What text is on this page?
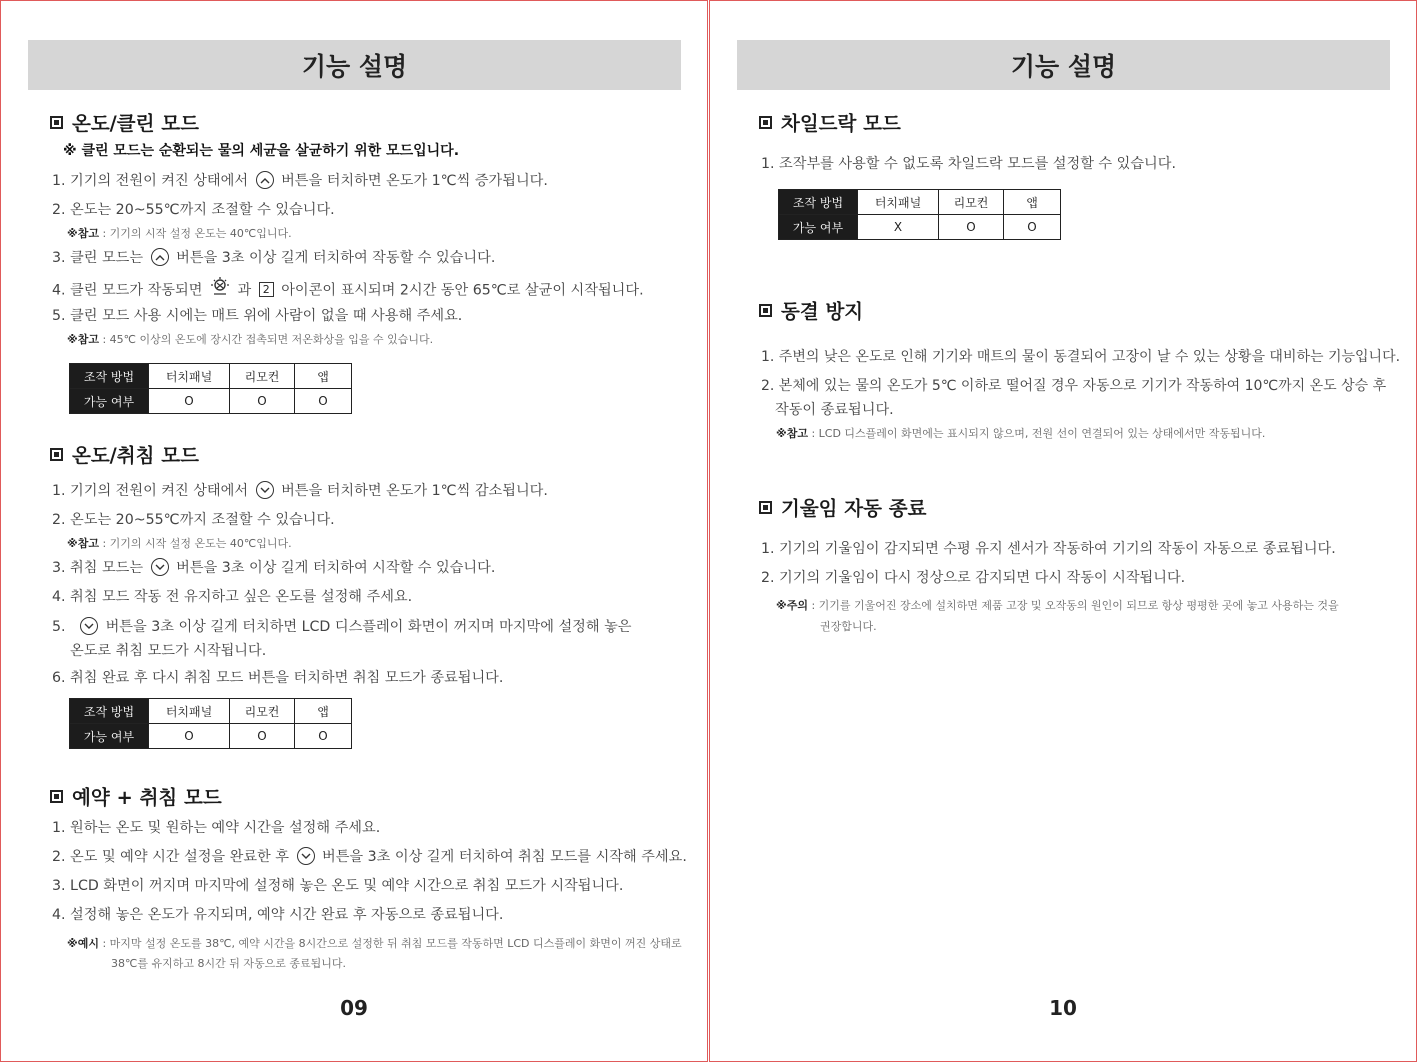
기능 설명
온도/클린 모드
※ 클린 모드는 순환되는 물의 세균을 살균하기 위한 모드입니다.
1. 기기의 전원이 켜진 상태에서 버튼을 터치하면 온도가 1℃씩 증가됩니다.
2. 온도는 20~55℃까지 조절할 수 있습니다.
※참고 : 기기의 시작 설정 온도는 40℃입니다.
3. 클린 모드는 버튼을 3초 이상 길게 터치하여 작동할 수 있습니다.
4. 클린 모드가 작동되면 과 2 아이콘이 표시되며 2시간 동안 65℃로 살균이 시작됩니다.
5. 클린 모드 사용 시에는 매트 위에 사람이 없을 때 사용해 주세요.
※참고 : 45℃ 이상의 온도에 장시간 접촉되면 저온화상을 입을 수 있습니다.
조작 방법	터치패널	리모컨	앱
가능 여부	O	O	O
온도/취침 모드
1. 기기의 전원이 켜진 상태에서 버튼을 터치하면 온도가 1℃씩 감소됩니다.
2. 온도는 20~55℃까지 조절할 수 있습니다.
※참고 : 기기의 시작 설정 온도는 40℃입니다.
3. 취침 모드는 버튼을 3초 이상 길게 터치하여 시작할 수 있습니다.
4. 취침 모드 작동 전 유지하고 싶은 온도를 설정해 주세요.
5.	버튼을 3초 이상 길게 터치하면 LCD 디스플레이 화면이 꺼지며 마지막에 설정해 놓은
온도로 취침 모드가 시작됩니다.
6. 취침 완료 후 다시 취침 모드 버튼을 터치하면 취침 모드가 종료됩니다.
조작 방법	터치패널	리모컨	앱
가능 여부	O	O	O
예약 + 취침 모드
1. 원하는 온도 및 원하는 예약 시간을 설정해 주세요.
2. 온도 및 예약 시간 설정을 완료한 후 버튼을 3초 이상 길게 터치하여 취침 모드를 시작해 주세요.
3. LCD 화면이 꺼지며 마지막에 설정해 놓은 온도 및 예약 시간으로 취침 모드가 시작됩니다.
4. 설정해 놓은 온도가 유지되며, 예약 시간 완료 후 자동으로 종료됩니다.
※예시 : 마지막 설정 온도를 38℃, 예약 시간을 8시간으로 설정한 뒤 취침 모드를 작동하면 LCD 디스플레이 화면이 꺼진 상태로
38℃를 유지하고 8시간 뒤 자동으로 종료됩니다.
09
기능 설명
차일드락 모드
1. 조작부를 사용할 수 없도록 차일드락 모드를 설정할 수 있습니다.
조작 방법	터치패널	리모컨	앱
가능 여부	X	O	O
동결 방지
1. 주변의 낮은 온도로 인해 기기와 매트의 물이 동결되어 고장이 날 수 있는 상황을 대비하는 기능입니다.
2. 본체에 있는 물의 온도가 5℃ 이하로 떨어질 경우 자동으로 기기가 작동하여 10℃까지 온도 상승 후
작동이 종료됩니다.
※참고 : LCD 디스플레이 화면에는 표시되지 않으며, 전원 선이 연결되어 있는 상태에서만 작동됩니다.
기울임 자동 종료
1. 기기의 기울임이 감지되면 수평 유지 센서가 작동하여 기기의 작동이 자동으로 종료됩니다.
2. 기기의 기울임이 다시 정상으로 감지되면 다시 작동이 시작됩니다.
※주의 : 기기를 기울어진 장소에 설치하면 제품 고장 및 오작동의 원인이 되므로 항상 평평한 곳에 놓고 사용하는 것을
권장합니다.
10
